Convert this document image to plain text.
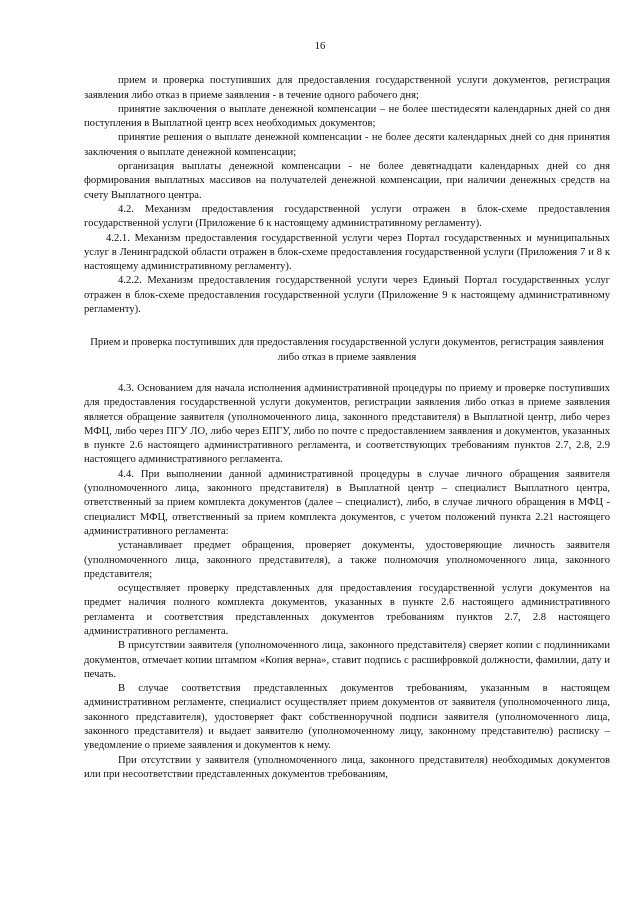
16

прием и проверка поступивших для предоставления государственной услуги документов, регистрация заявления либо отказ в приеме заявления - в течение одного рабочего дня;

принятие заключения о выплате денежной компенсации – не более шестидесяти календарных дней со дня поступления в Выплатной центр всех необходимых документов;

принятие решения о выплате денежной компенсации - не более десяти календарных дней со дня принятия заключения о выплате денежной компенсации;

организация выплаты денежной компенсации - не более девятнадцати календарных дней со дня формирования выплатных массивов на получателей денежной компенсации, при наличии денежных средств на счету Выплатного центра.

4.2. Механизм предоставления государственной услуги отражен в блок-схеме предоставления государственной услуги (Приложение 6 к настоящему административному регламенту).

4.2.1. Механизм предоставления государственной услуги через Портал государственных и муниципальных услуг в Ленинградской области отражен в блок-схеме предоставления государственной услуги (Приложения 7 и 8 к настоящему административному регламенту).

4.2.2. Механизм предоставления государственной услуги через Единый Портал государственных услуг отражен в блок-схеме предоставления государственной услуги (Приложение 9 к настоящему административному регламенту).

Прием и проверка поступивших для предоставления государственной услуги документов, регистрация заявления либо отказ в приеме заявления

4.3. Основанием для начала исполнения административной процедуры по приему и проверке поступивших для предоставления государственной услуги документов, регистрации заявления либо отказ в приеме заявления является обращение заявителя (уполномоченного лица, законного представителя) в Выплатной центр, либо через МФЦ, либо через ПГУ ЛО, либо через ЕПГУ, либо по почте с предоставлением заявления и документов, указанных в пункте 2.6 настоящего административного регламента, и соответствующих требованиям пунктов 2.7, 2.8, 2.9 настоящего административного регламента.

4.4. При выполнении данной административной процедуры в случае личного обращения заявителя (уполномоченного лица, законного представителя) в Выплатной центр – специалист Выплатного центра, ответственный за прием комплекта документов (далее – специалист), либо, в случае личного обращения в МФЦ - специалист МФЦ, ответственный за прием комплекта документов, с учетом положений пункта 2.21 настоящего административного регламента:

устанавливает предмет обращения, проверяет документы, удостоверяющие личность заявителя (уполномоченного лица, законного представителя), а также полномочия уполномоченного лица, законного представителя;

осуществляет проверку представленных для предоставления государственной услуги документов на предмет наличия полного комплекта документов, указанных в пункте 2.6 настоящего административного регламента и соответствия представленных документов требованиям пунктов 2.7, 2.8 настоящего административного регламента.

В присутствии заявителя (уполномоченного лица, законного представителя) сверяет копии с подлинниками документов, отмечает копии штампом «Копия верна», ставит подпись с расшифровкой должности, фамилии, дату и печать.

В случае соответствия представленных документов требованиям, указанным в настоящем административном регламенте, специалист осуществляет прием документов от заявителя (уполномоченного лица, законного представителя), удостоверяет факт собственноручной подписи заявителя (уполномоченного лица, законного представителя) и выдает заявителю (уполномоченному лицу, законному представителю) расписку – уведомление о приеме заявления и документов к нему.

При отсутствии у заявителя (уполномоченного лица, законного представителя) необходимых документов или при несоответствии представленных документов требованиям,
